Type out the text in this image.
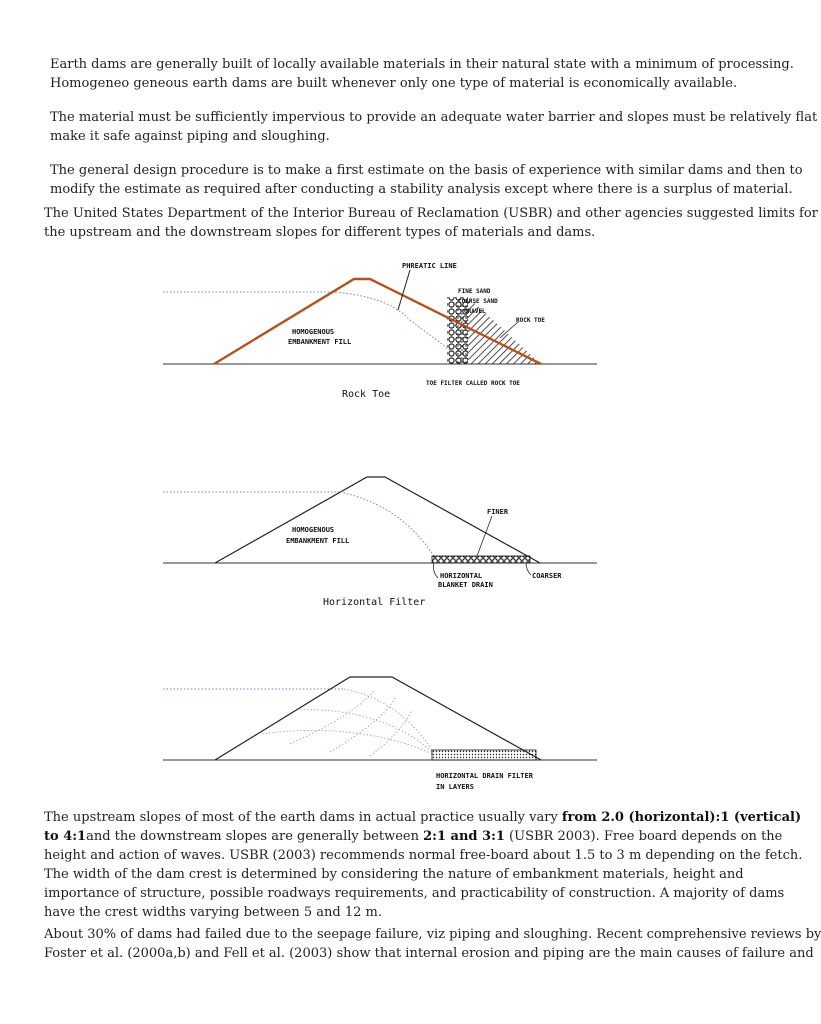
Earth dams are generally built of locally available materials in their natural state with a minimum of processing.
Homogeneo geneous earth dams are built whenever only one type of material is economically available.
The material must be sufficiently impervious to provide an adequate water barrier and slopes must be relatively flat
make it safe against piping and sloughing.
The general design procedure is to make a first estimate on the basis of experience with similar dams and then to
modify the estimate as required after conducting a stability analysis except where there is a surplus of material.
The United States Department of the Interior Bureau of Reclamation (USBR) and other agencies suggested limits for
the upstream and the downstream slopes for different types of materials and dams.
PHREATIC LINE
FINE SAND
COARSE SAND
GRAVEL
ROCK TOE
HOMOGENOUS
EMBANKMENT FILL
TOE FILTER CALLED ROCK TOE
Rock Toe
FINER
HOMOGENOUS
EMBANKMENT FILL
HORIZONTAL
BLANKET DRAIN
COARSER
Horizontal Filter
HORIZONTAL DRAIN FILTER
IN LAYERS
The upstream slopes of most of the earth dams in actual practice usually vary from 2.0 (horizontal):1 (vertical)
to 4:1and the downstream slopes are generally between 2:1 and 3:1 (USBR 2003). Free board depends on the
height and action of waves. USBR (2003) recommends normal free-board about 1.5 to 3 m depending on the fetch.
The width of the dam crest is determined by considering the nature of embankment materials, height and
importance of structure, possible roadways requirements, and practicability of construction. A majority of dams
have the crest widths varying between 5 and 12 m.
About 30% of dams had failed due to the seepage failure, viz piping and sloughing. Recent comprehensive reviews by
Foster et al. (2000a,b) and Fell et al. (2003) show that internal erosion and piping are the main causes of failure and
